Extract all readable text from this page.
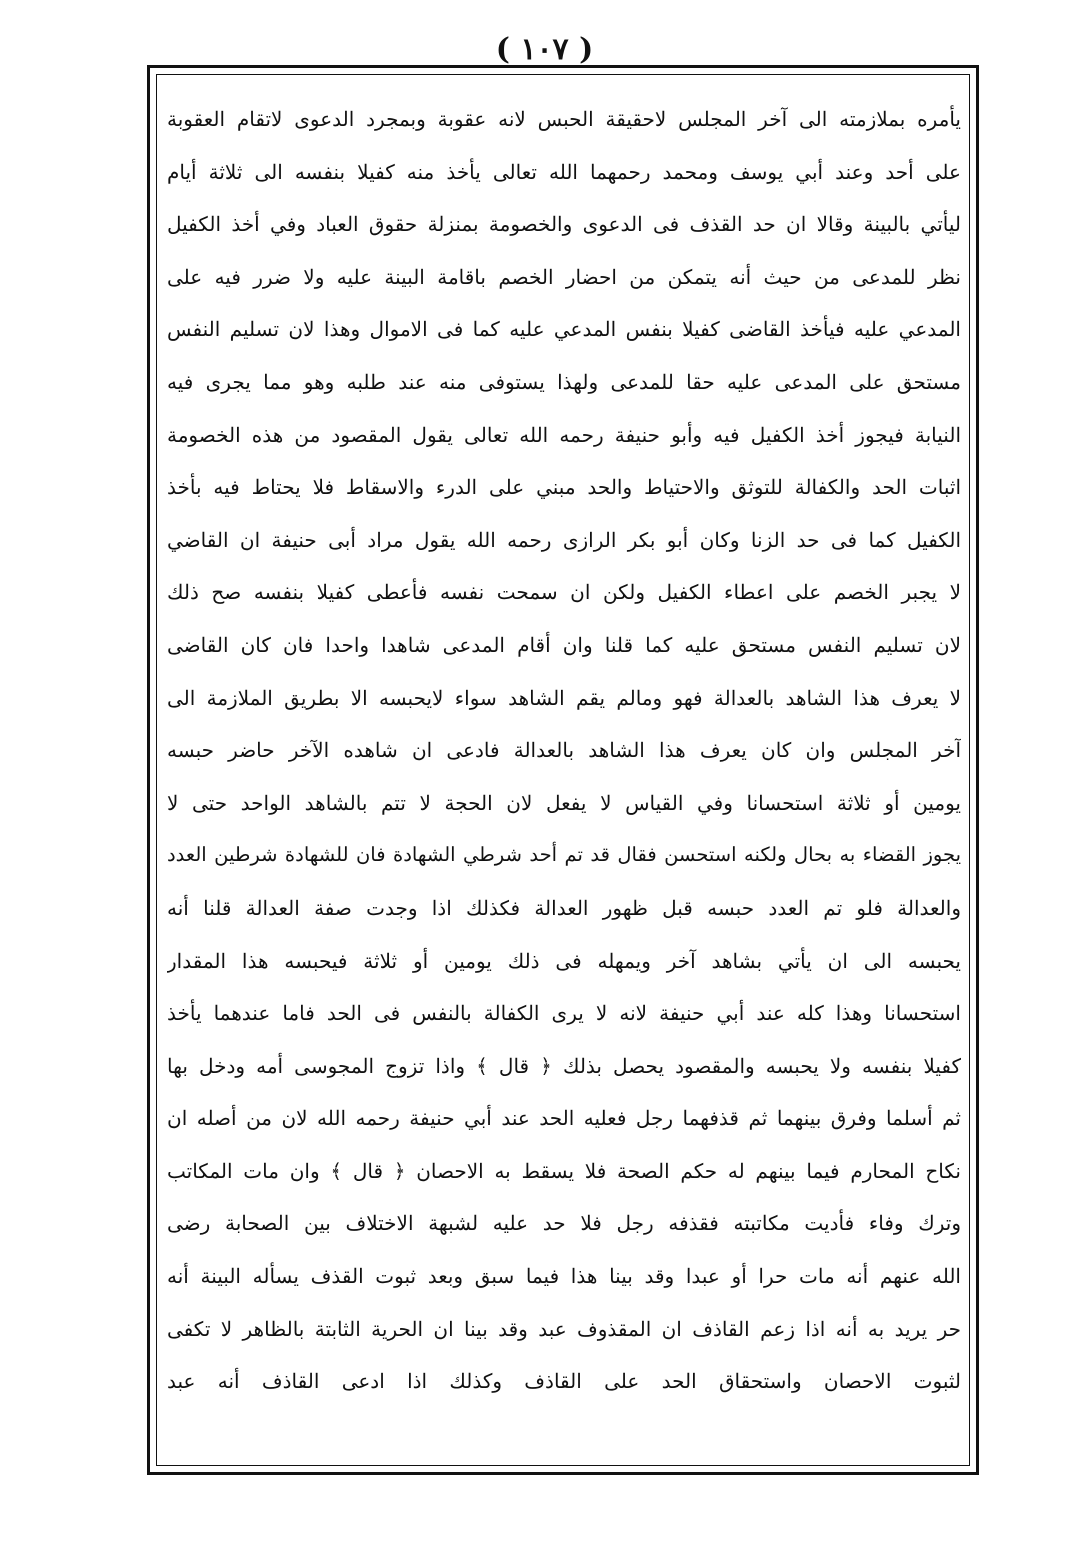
( ١٠٧ )
يأمره بملازمته الى آخر المجلس لاحقيقة الحبس لانه عقوبة وبمجرد الدعوى لاتقام العقوبة
على أحد وعند أبي يوسف ومحمد رحمهما الله تعالى يأخذ منه كفيلا بنفسه الى ثلاثة أيام
ليأتي بالبينة وقالا ان حد القذف فى الدعوى والخصومة بمنزلة حقوق العباد وفي أخذ الكفيل
نظر للمدعى من حيث أنه يتمكن من احضار الخصم باقامة البينة عليه ولا ضرر فيه على
المدعي عليه فيأخذ القاضى كفيلا بنفس المدعي عليه كما فى الاموال وهذا لان تسليم النفس
مستحق على المدعى عليه حقا للمدعى ولهذا يستوفى منه عند طلبه وهو مما يجرى فيه
النيابة فيجوز أخذ الكفيل فيه وأبو حنيفة رحمه الله تعالى يقول المقصود من هذه الخصومة
اثبات الحد والكفالة للتوثق والاحتياط والحد مبني على الدرء والاسقاط فلا يحتاط فيه بأخذ
الكفيل كما فى حد الزنا وكان أبو بكر الرازى رحمه الله يقول مراد أبى حنيفة ان القاضي
لا يجبر الخصم على اعطاء الكفيل ولكن ان سمحت نفسه فأعطى كفيلا بنفسه صح ذلك
لان تسليم النفس مستحق عليه كما قلنا وان أقام المدعى شاهدا واحدا فان كان القاضى
لا يعرف هذا الشاهد بالعدالة فهو ومالم يقم الشاهد سواء لايحبسه الا بطريق الملازمة الى
آخر المجلس وان كان يعرف هذا الشاهد بالعدالة فادعى ان شاهده الآخر حاضر حبسه
يومين أو ثلاثة استحسانا وفي القياس لا يفعل لان الحجة لا تتم بالشاهد الواحد حتى لا
يجوز القضاء به بحال ولكنه استحسن فقال قد تم أحد شرطي الشهادة فان للشهادة شرطين العدد
والعدالة فلو تم العدد حبسه قبل ظهور العدالة فكذلك اذا وجدت صفة العدالة قلنا أنه
يحبسه الى ان يأتي بشاهد آخر ويمهله فى ذلك يومين أو ثلاثة فيحبسه هذا المقدار
استحسانا وهذا كله عند أبي حنيفة لانه لا يرى الكفالة بالنفس فى الحد فاما عندهما يأخذ
كفيلا بنفسه ولا يحبسه والمقصود يحصل بذلك ﴿ قال ﴾ واذا تزوج المجوسى أمه ودخل بها
ثم أسلما وفرق بينهما ثم قذفهما رجل فعليه الحد عند أبي حنيفة رحمه الله لان من أصله ان
نكاح المحارم فيما بينهم له حكم الصحة فلا يسقط به الاحصان ﴿ قال ﴾ وان مات المكاتب
وترك وفاء فأديت مكاتبته فقذفه رجل فلا حد عليه لشبهة الاختلاف بين الصحابة رضى
الله عنهم أنه مات حرا أو عبدا وقد بينا هذا فيما سبق وبعد ثبوت القذف يسأله البينة أنه
حر يريد به أنه اذا زعم القاذف ان المقذوف عبد وقد بينا ان الحرية الثابتة بالظاهر لا تكفى
لثبوت الاحصان واستحقاق الحد على القاذف وكذلك اذا ادعى القاذف أنه عبد
